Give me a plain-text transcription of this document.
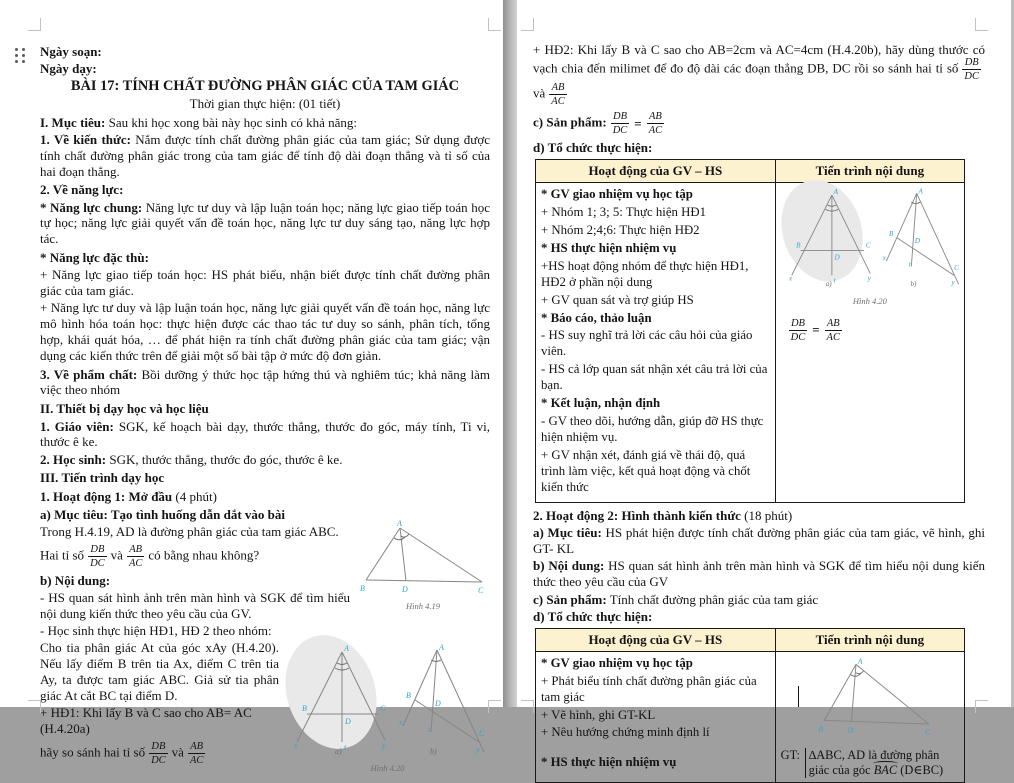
Ngày soạn:

Ngày dạy:

BÀI 17: TÍNH CHẤT ĐƯỜNG PHÂN GIÁC CỦA TAM GIÁC

Thời gian thực hiện: (01 tiết)

I. Mục tiêu: Sau khi học xong bài này học sinh có khả năng:

1. Về kiến thức: Nắm được tính chất đường phân giác của tam giác; Sử dụng được tính chất đường phân giác trong của tam giác để tính độ dài đoạn thẳng và tỉ số của hai đoạn thẳng.

2. Về năng lực:

* Năng lực chung: Năng lực tư duy và lập luận toán học; năng lực giao tiếp toán học tự học; năng lực giải quyết vấn đề toán học, năng lực tư duy sáng tạo, năng lực hợp tác.

* Năng lực đặc thù:

+ Năng lực giao tiếp toán học: HS phát biểu, nhận biết được tính chất đường phân giác của tam giác.

+ Năng lực tư duy và lập luận toán học, năng lực giải quyết vấn đề toán học, năng lực mô hình hóa toán học: thực hiện được các thao tác tư duy so sánh, phân tích, tổng hợp, khái quát hóa, … để phát hiện ra tính chất đường phân giác của tam giác; vận dụng các kiến thức trên để giải một số bài tập ở mức độ đơn giản.

3. Về phẩm chất: Bồi dưỡng ý thức học tập hứng thú và nghiêm túc; khả năng làm việc theo nhóm

II. Thiết bị dạy học và học liệu

1. Giáo viên: SGK, kế hoạch bài dạy, thước thẳng, thước đo góc, máy tính, Ti vi, thước ê ke.

2. Học sinh: SGK, thước thẳng, thước đo góc, thước ê ke.

III. Tiến trình dạy học

1. Hoạt động 1: Mở đầu (4 phút)

a) Mục tiêu: Tạo tình huống dẫn dắt vào bài

A
B	D	C
Hình 4.19

Trong H.4.19, AD là đường phân giác của tam giác ABC.

Hai tỉ số $\frac{DB}{DC}$ và $\frac{AB}{AC}$ có bằng nhau không?

b) Nội dung:

- HS quan sát hình ảnh trên màn hình và SGK để tìm hiểu nội dung kiến thức theo yêu cầu của GV.

- Học sinh thực hiện HĐ1, HĐ 2 theo nhóm:

A
B	C
D
x	t	y
a)
A
B
C
D
x
t
y
b)
Hình 4.20

Cho tia phân giác At của góc xAy (H.4.20). Nếu lấy điểm B trên tia Ax, điểm C trên tia Ay, ta được tam giác ABC. Giả sử tia phân giác At cắt BC tại điểm D.

+ HĐ1: Khi lấy B và C sao cho AB= AC (H.4.20a)

hãy so sánh hai tỉ số $\frac{DB}{DC}$ và $\frac{AB}{AC}$

+ HĐ2: Khi lấy B và C sao cho AB=2cm và AC=4cm (H.4.20b), hãy dùng thước có vạch chia đến milimet để đo độ dài các đoạn thẳng DB, DC rồi so sánh hai tỉ số $\frac{DB}{DC}$
và $\frac{AB}{AC}$

c) Sản phẩm: $\frac{DB}{DC} = \frac{AB}{AC}$

d) Tổ chức thực hiện:

Hoạt động của GV – HS	Tiến trình nội dung

* GV giao nhiệm vụ học tập
+ Nhóm 1; 3; 5: Thực hiện HĐ1
+ Nhóm 2;4;6: Thực hiện HĐ2
* HS thực hiện nhiệm vụ
+HS hoạt động nhóm để thực hiện HĐ1, HĐ2 ở phần nội dung
+ GV quan sát và trợ giúp HS
* Báo cáo, thảo luận
- HS suy nghĩ trả lời các câu hỏi của giáo viên.
- HS cả lớp quan sát nhận xét câu trả lời của bạn.
* Kết luận, nhận định
- GV theo dõi, hướng dẫn, giúp đỡ HS thực hiện nhiệm vụ.
+ GV nhận xét, đánh giá về thái độ, quá trình làm việc, kết quả hoạt động và chốt kiến thức

A
B	C
D
x	t	y
a)
A
B
C
D
x
t
y
b)
Hình 4.20
$\frac{DB}{DC} = \frac{AB}{AC}$

2. Hoạt động 2: Hình thành kiến thức (18 phút)

a) Mục tiêu: HS phát hiện được tính chất đường phân giác của tam giác, vẽ hình, ghi GT- KL

b) Nội dung: HS quan sát hình ảnh trên màn hình và SGK để tìm hiểu nội dung kiến thức theo yêu cầu của GV

c) Sản phẩm: Tính chất đường phân giác của tam giác

d) Tổ chức thực hiện:

Hoạt động của GV – HS	Tiến trình nội dung

* GV giao nhiệm vụ học tập
+ Phát biểu tính chất đường phân giác của tam giác
+ Vẽ hình, ghi GT-KL
+ Nêu hướng chứng minh định lí
* HS thực hiện nhiệm vụ

A
B	D	C
GT: ∆ABC, AD là đường phân giác của góc BAC (D∈BC)
